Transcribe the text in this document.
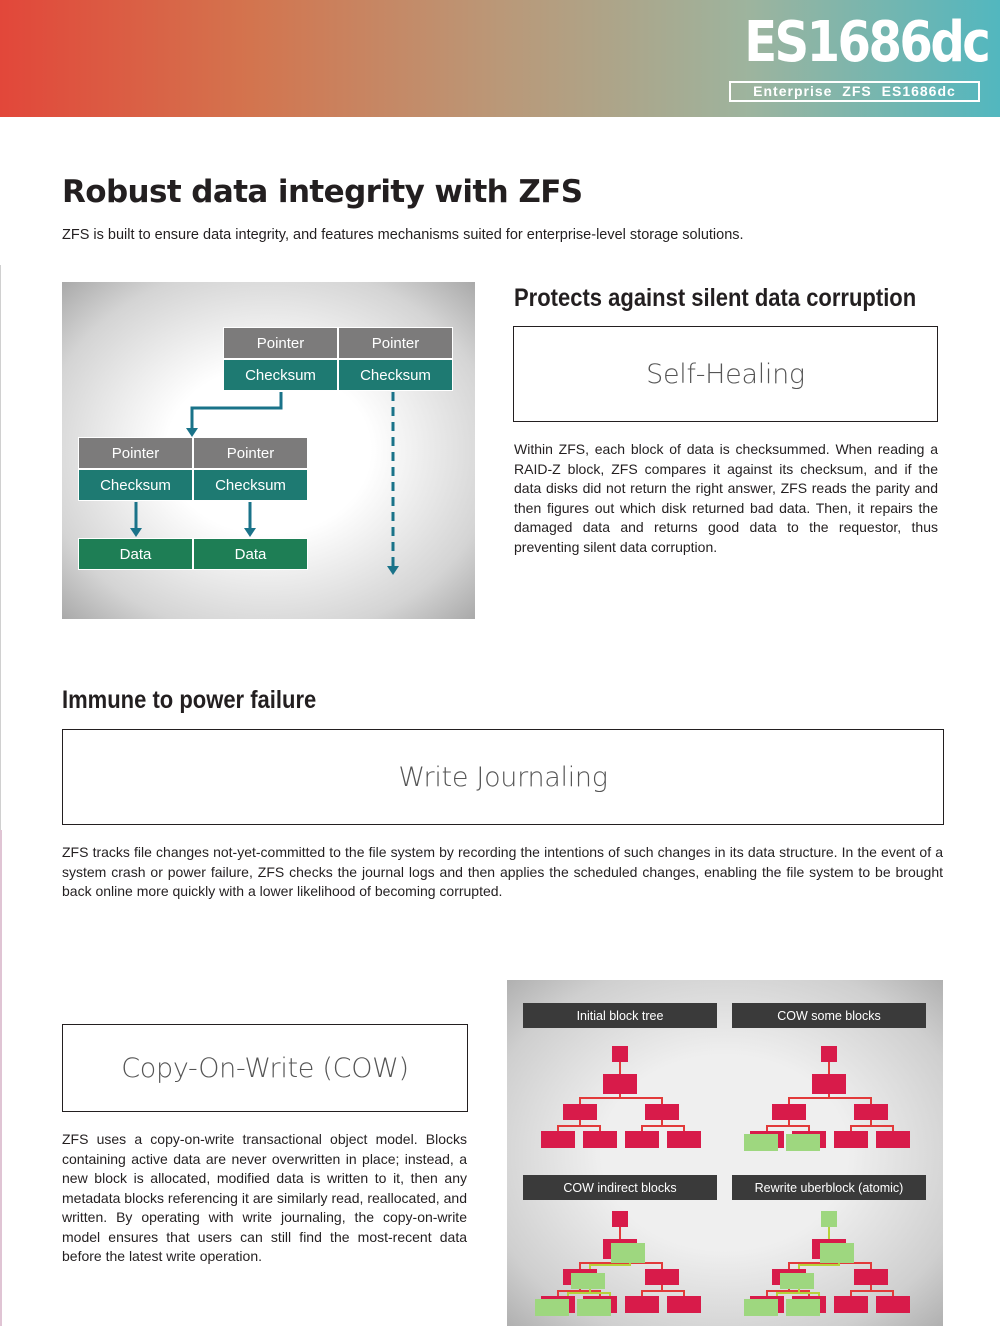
ES1686dc
Enterprise ZFS ES1686dc
Robust data integrity with ZFS
ZFS is built to ensure data integrity, and features mechanisms suited for enterprise-level storage solutions.
Pointer	Pointer
Checksum	Checksum
Pointer	Pointer
Checksum	Checksum
Data	Data
Protects against silent data corruption
Self-Healing
Within ZFS, each block of data is checksummed. When reading a RAID-Z block, ZFS compares it against its checksum, and if the data disks did not return the right answer, ZFS reads the parity and then figures out which disk returned bad data. Then, it repairs the damaged data and returns good data to the requestor, thus preventing silent data corruption.
Immune to power failure
Write Journaling
ZFS tracks file changes not-yet-committed to the file system by recording the intentions of such changes in its data structure. In the event of a system crash or power failure, ZFS checks the journal logs and then applies the scheduled changes, enabling the file system to be brought back online more quickly with a lower likelihood of becoming corrupted.
Copy-On-Write (COW)
ZFS uses a copy-on-write transactional object model. Blocks containing active data are never overwritten in place; instead, a new block is allocated, modified data is written to it, then any metadata blocks referencing it are similarly read, reallocated, and written. By operating with write journaling, the copy-on-write model ensures that users can still find the most-recent data before the latest write operation.
Initial block tree	COW some blocks
COW indirect blocks	Rewrite uberblock (atomic)
